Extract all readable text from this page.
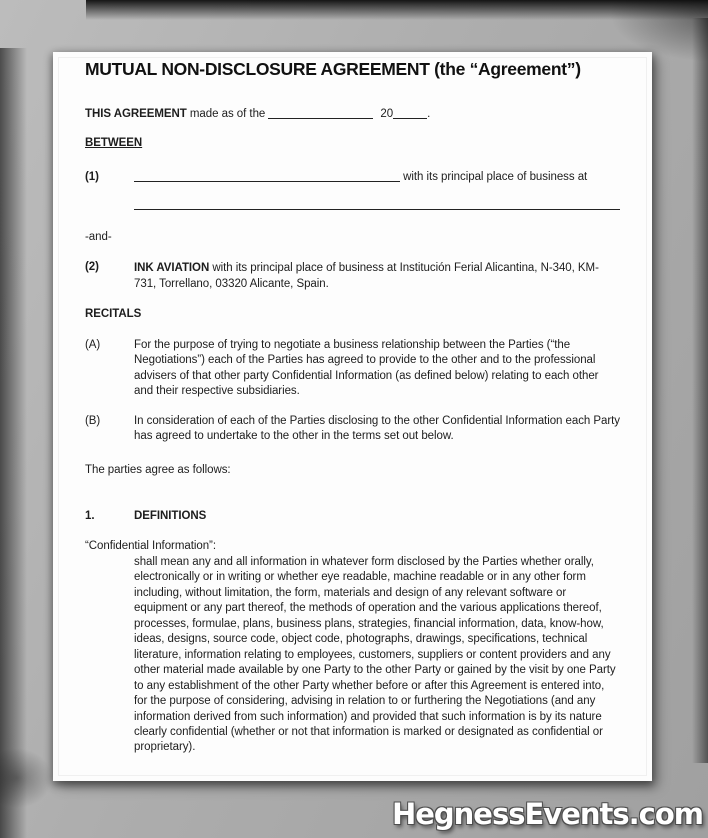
MUTUAL NON-DISCLOSURE AGREEMENT (the “Agreement”)
THIS AGREEMENT made as of the	20	.
BETWEEN
(1)	with its principal place of business at
-and-
(2)	INK AVIATION with its principal place of business at Institución Ferial Alicantina, N-340, KM-731, Torrellano, 03320 Alicante, Spain.
RECITALS
(A)	For the purpose of trying to negotiate a business relationship between the Parties (“the Negotiations”) each of the Parties has agreed to provide to the other and to the professional advisers of that other party Confidential Information (as defined below) relating to each other and their respective subsidiaries.
(B)	In consideration of each of the Parties disclosing to the other Confidential Information each Party has agreed to undertake to the other in the terms set out below.
The parties agree as follows:
1.	DEFINITIONS
“Confidential Information”:
shall mean any and all information in whatever form disclosed by the Parties whether orally, electronically or in writing or whether eye readable, machine readable or in any other form including, without limitation, the form, materials and design of any relevant software or equipment or any part thereof, the methods of operation and the various applications thereof, processes, formulae, plans, business plans, strategies, financial information, data, know-how, ideas, designs, source code, object code, photographs, drawings, specifications, technical literature, information relating to employees, customers, suppliers or content providers and any other material made available by one Party to the other Party or gained by the visit by one Party to any establishment of the other Party whether before or after this Agreement is entered into, for the purpose of considering, advising in relation to or furthering the Negotiations (and any information derived from such information) and provided that such information is by its nature clearly confidential (whether or not that information is marked or designated as confidential or proprietary).
HegnessEvents.com
